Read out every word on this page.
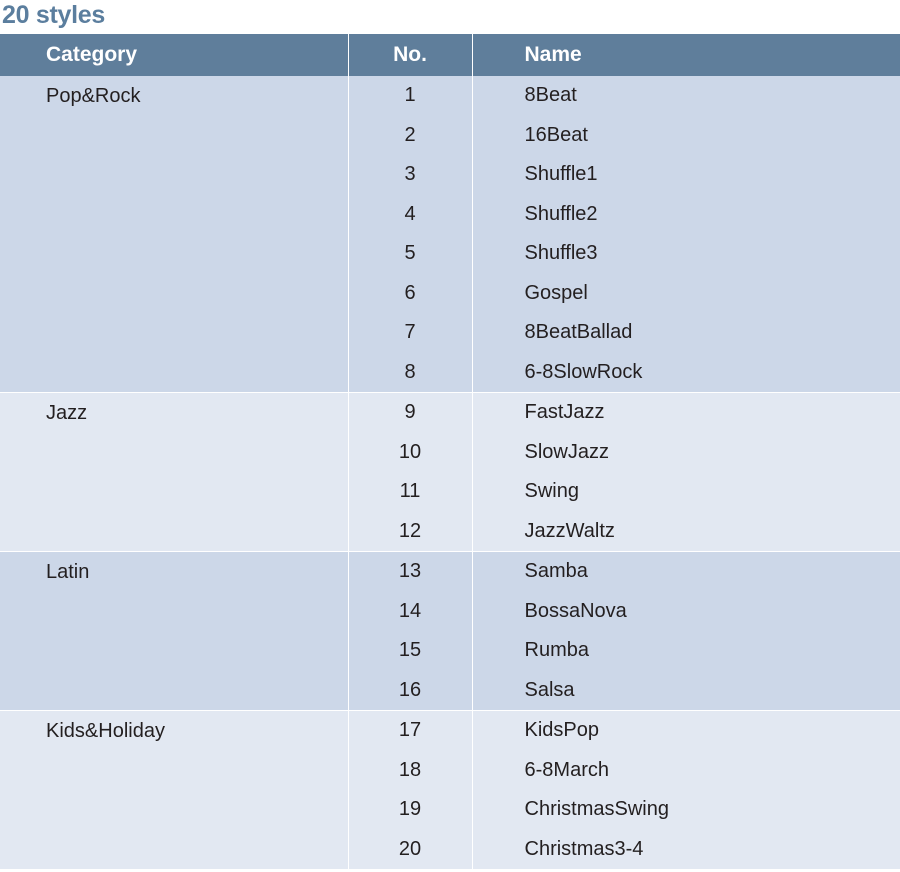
20 styles
Category	No.	Name
Pop&Rock	1	8Beat
	2	16Beat
	3	Shuffle1
	4	Shuffle2
	5	Shuffle3
	6	Gospel
	7	8BeatBallad
	8	6-8SlowRock
Jazz	9	FastJazz
	10	SlowJazz
	11	Swing
	12	JazzWaltz
Latin	13	Samba
	14	BossaNova
	15	Rumba
	16	Salsa
Kids&Holiday	17	KidsPop
	18	6-8March
	19	ChristmasSwing
	20	Christmas3-4
